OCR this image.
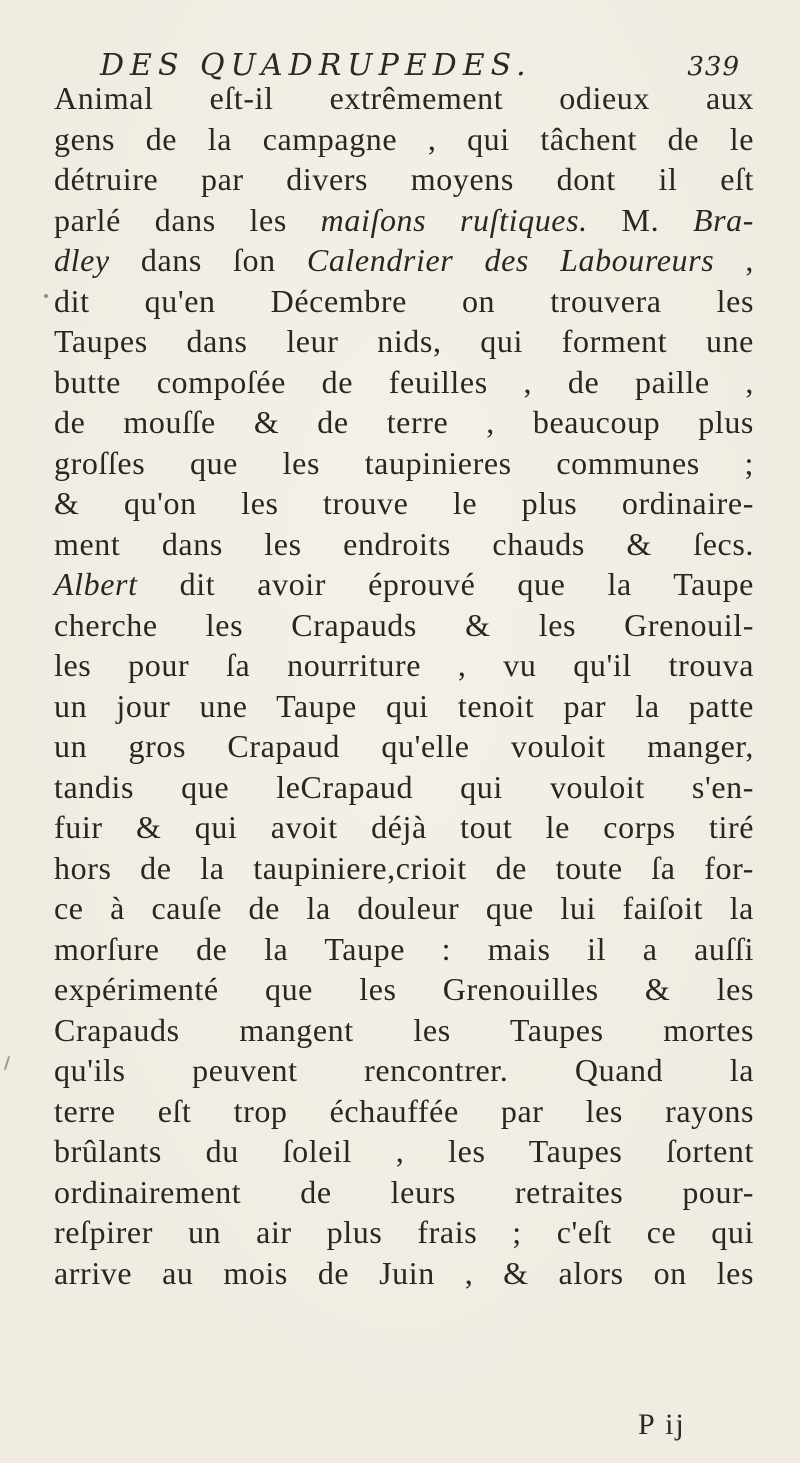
DES QUADRUPEDES.	339
Animal eſt-il extrêmement odieux aux
gens de la campagne , qui tâchent de le
détruire par divers moyens dont il eſt
parlé dans les maiſons ruſtiques. M. Bra-
dley dans ſon Calendrier des Laboureurs ,
dit qu'en Décembre on trouvera les
Taupes dans leur nids, qui forment une
butte compoſée de feuilles , de paille ,
de mouſſe & de terre , beaucoup plus
groſſes que les taupinieres communes ;
& qu'on les trouve le plus ordinaire-
ment dans les endroits chauds & ſecs.
Albert dit avoir éprouvé que la Taupe
cherche les Crapauds & les Grenouil-
les pour ſa nourriture , vu qu'il trouva
un jour une Taupe qui tenoit par la patte
un gros Crapaud qu'elle vouloit manger,
tandis que leCrapaud qui vouloit s'en-
fuir & qui avoit déjà tout le corps tiré
hors de la taupiniere,crioit de toute ſa for-
ce à cauſe de la douleur que lui faiſoit la
morſure de la Taupe : mais il a auſſi
expérimenté que les Grenouilles & les
Crapauds mangent les Taupes mortes
qu'ils peuvent rencontrer. Quand la
terre eſt trop échauffée par les rayons
brûlants du ſoleil , les Taupes ſortent
ordinairement de leurs retraites pour-
reſpirer un air plus frais ; c'eſt ce qui
arrive au mois de Juin , & alors on les
P ij
